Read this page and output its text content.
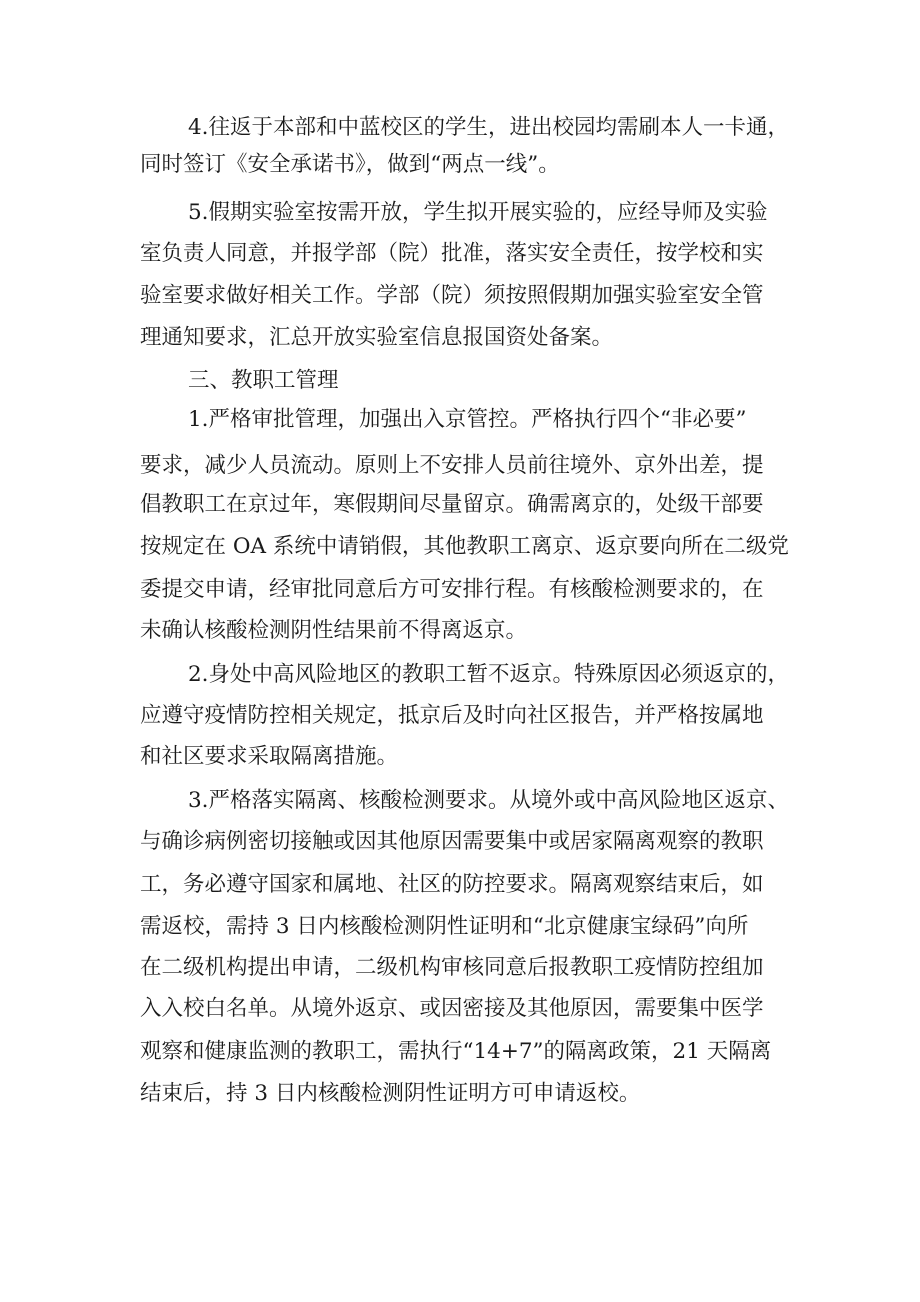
4.往返于本部和中蓝校区的学生，进出校园均需刷本人一卡通，
同时签订《安全承诺书》，做到“两点一线”。
5.假期实验室按需开放，学生拟开展实验的，应经导师及实验
室负责人同意，并报学部（院）批准，落实安全责任，按学校和实
验室要求做好相关工作。学部（院）须按照假期加强实验室安全管
理通知要求，汇总开放实验室信息报国资处备案。
三、教职工管理
1.严格审批管理，加强出入京管控。严格执行四个“非必要”
要求，减少人员流动。原则上不安排人员前往境外、京外出差，提
倡教职工在京过年，寒假期间尽量留京。确需离京的，处级干部要
按规定在 OA 系统中请销假，其他教职工离京、返京要向所在二级党
委提交申请，经审批同意后方可安排行程。有核酸检测要求的，在
未确认核酸检测阴性结果前不得离返京。
2.身处中高风险地区的教职工暂不返京。特殊原因必须返京的，
应遵守疫情防控相关规定，抵京后及时向社区报告，并严格按属地
和社区要求采取隔离措施。
3.严格落实隔离、核酸检测要求。从境外或中高风险地区返京、
与确诊病例密切接触或因其他原因需要集中或居家隔离观察的教职
工，务必遵守国家和属地、社区的防控要求。隔离观察结束后，如
需返校，需持 3 日内核酸检测阴性证明和“北京健康宝绿码”向所
在二级机构提出申请，二级机构审核同意后报教职工疫情防控组加
入入校白名单。从境外返京、或因密接及其他原因，需要集中医学
观察和健康监测的教职工，需执行“14+7”的隔离政策，21 天隔离
结束后，持 3 日内核酸检测阴性证明方可申请返校。
